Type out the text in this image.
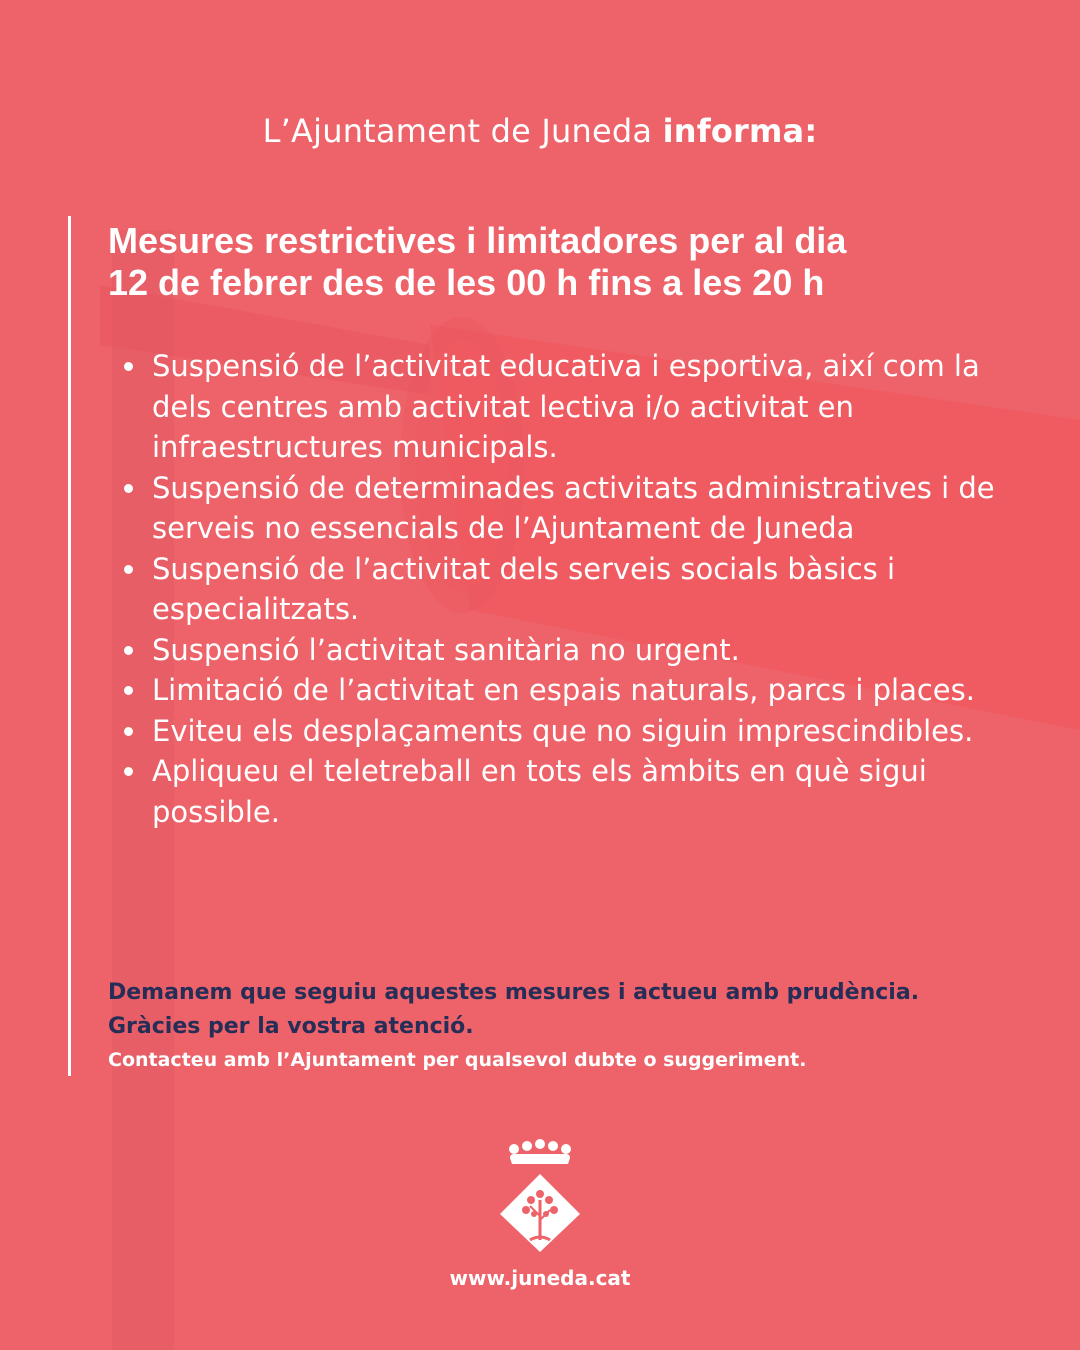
L’Ajuntament de Juneda informa:
Mesures restrictives i limitadores per al dia
12 de febrer des de les 00 h fins a les 20 h
Suspensió de l’activitat educativa i esportiva, així com la dels centres amb activitat lectiva i/o activitat en infraestructures municipals.
Suspensió de determinades activitats administratives i de serveis no essencials de l’Ajuntament de Juneda
Suspensió de l’activitat dels serveis socials bàsics i especialitzats.
Suspensió l’activitat sanitària no urgent.
Limitació de l’activitat en espais naturals, parcs i places.
Eviteu els desplaçaments que no siguin imprescindibles.
Apliqueu el teletreball en tots els àmbits en què sigui possible.
Demanem que seguiu aquestes mesures i actueu amb prudència.
Gràcies per la vostra atenció.
Contacteu amb l’Ajuntament per qualsevol dubte o suggeriment.
www.juneda.cat
